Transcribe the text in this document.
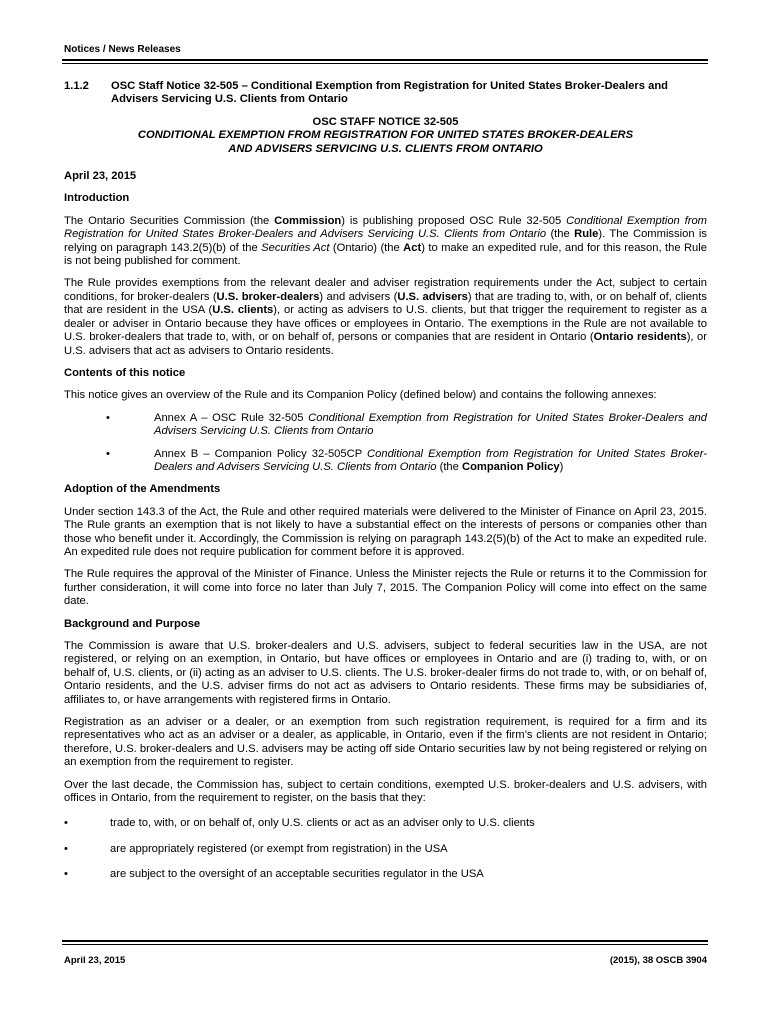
Notices / News Releases
1.1.2	OSC Staff Notice 32-505 – Conditional Exemption from Registration for United States Broker-Dealers and Advisers Servicing U.S. Clients from Ontario

OSC STAFF NOTICE 32-505

CONDITIONAL EXEMPTION FROM REGISTRATION FOR UNITED STATES BROKER-DEALERS

AND ADVISERS SERVICING U.S. CLIENTS FROM ONTARIO

April 23, 2015

Introduction

The Ontario Securities Commission (the Commission) is publishing proposed OSC Rule 32-505 Conditional Exemption from Registration for United States Broker-Dealers and Advisers Servicing U.S. Clients from Ontario (the Rule). The Commission is relying on paragraph 143.2(5)(b) of the Securities Act (Ontario) (the Act) to make an expedited rule, and for this reason, the Rule is not being published for comment.

The Rule provides exemptions from the relevant dealer and adviser registration requirements under the Act, subject to certain conditions, for broker-dealers (U.S. broker-dealers) and advisers (U.S. advisers) that are trading to, with, or on behalf of, clients that are resident in the USA (U.S. clients), or acting as advisers to U.S. clients, but that trigger the requirement to register as a dealer or adviser in Ontario because they have offices or employees in Ontario. The exemptions in the Rule are not available to U.S. broker-dealers that trade to, with, or on behalf of, persons or companies that are resident in Ontario (Ontario residents), or U.S. advisers that act as advisers to Ontario residents.

Contents of this notice

This notice gives an overview of the Rule and its Companion Policy (defined below) and contains the following annexes:

•	Annex A – OSC Rule 32-505 Conditional Exemption from Registration for United States Broker-Dealers and Advisers Servicing U.S. Clients from Ontario
•	Annex B – Companion Policy 32-505CP Conditional Exemption from Registration for United States Broker-Dealers and Advisers Servicing U.S. Clients from Ontario (the Companion Policy)

Adoption of the Amendments

Under section 143.3 of the Act, the Rule and other required materials were delivered to the Minister of Finance on April 23, 2015. The Rule grants an exemption that is not likely to have a substantial effect on the interests of persons or companies other than those who benefit under it. Accordingly, the Commission is relying on paragraph 143.2(5)(b) of the Act to make an expedited rule. An expedited rule does not require publication for comment before it is approved.

The Rule requires the approval of the Minister of Finance. Unless the Minister rejects the Rule or returns it to the Commission for further consideration, it will come into force no later than July 7, 2015. The Companion Policy will come into effect on the same date.

Background and Purpose

The Commission is aware that U.S. broker-dealers and U.S. advisers, subject to federal securities law in the USA, are not registered, or relying on an exemption, in Ontario, but have offices or employees in Ontario and are (i) trading to, with, or on behalf of, U.S. clients, or (ii) acting as an adviser to U.S. clients. The U.S. broker-dealer firms do not trade to, with, or on behalf of, Ontario residents, and the U.S. adviser firms do not act as advisers to Ontario residents. These firms may be subsidiaries of, affiliates to, or have arrangements with registered firms in Ontario.

Registration as an adviser or a dealer, or an exemption from such registration requirement, is required for a firm and its representatives who act as an adviser or a dealer, as applicable, in Ontario, even if the firm’s clients are not resident in Ontario; therefore, U.S. broker-dealers and U.S. advisers may be acting off side Ontario securities law by not being registered or relying on an exemption from the requirement to register.

Over the last decade, the Commission has, subject to certain conditions, exempted U.S. broker-dealers and U.S. advisers, with offices in Ontario, from the requirement to register, on the basis that they:

•	trade to, with, or on behalf of, only U.S. clients or act as an adviser only to U.S. clients
•	are appropriately registered (or exempt from registration) in the USA
•	are subject to the oversight of an acceptable securities regulator in the USA
April 23, 2015	(2015), 38 OSCB 3904
